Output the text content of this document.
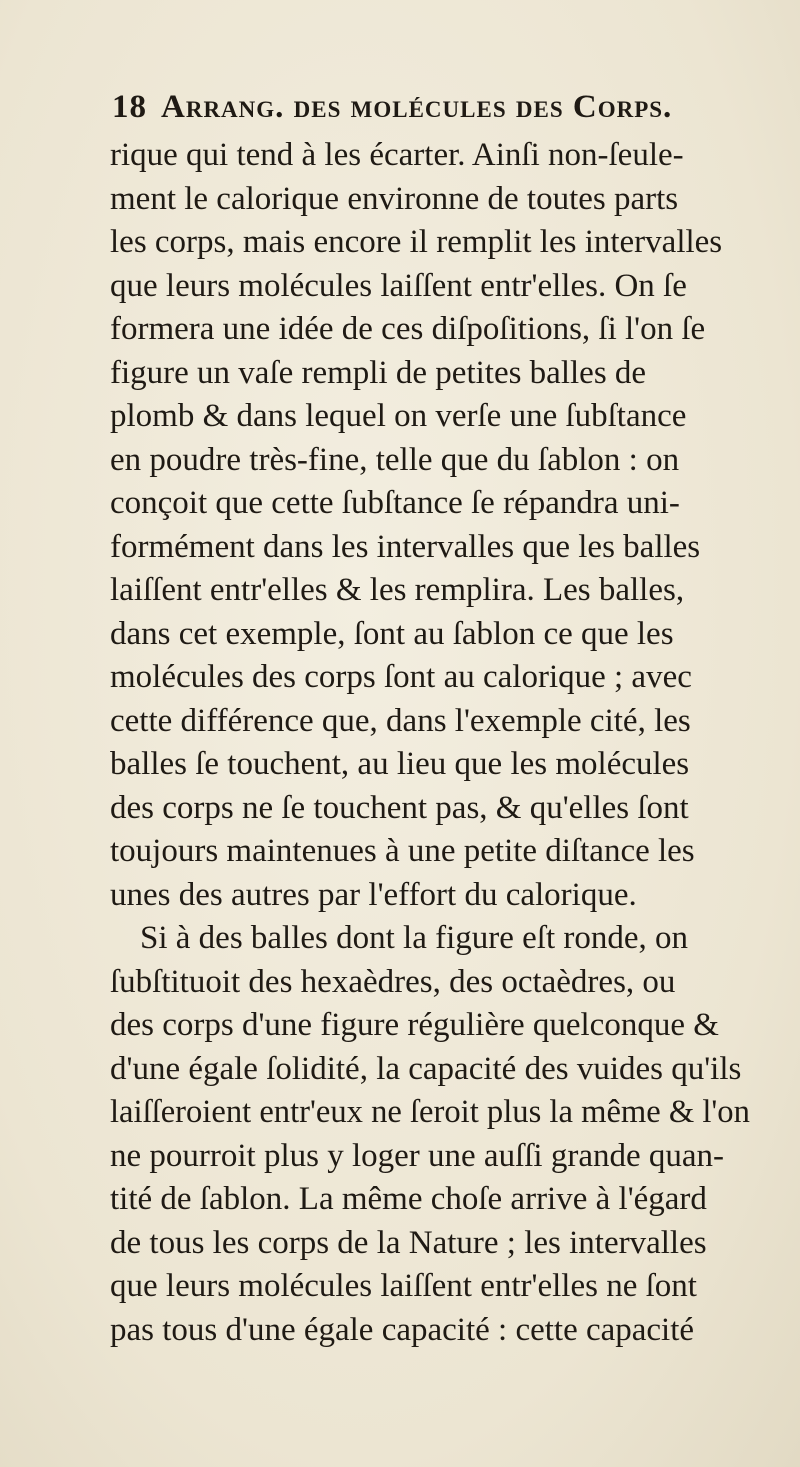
18 Arrang. des molécules des Corps.
rique qui tend à les écarter. Ainſi non-ſeule-
ment le calorique environne de toutes parts
les corps, mais encore il remplit les intervalles
que leurs molécules laiſſent entr'elles. On ſe
formera une idée de ces diſpoſitions, ſi l'on ſe
figure un vaſe rempli de petites balles de
plomb & dans lequel on verſe une ſubſtance
en poudre très-fine, telle que du ſablon : on
conçoit que cette ſubſtance ſe répandra uni-
formément dans les intervalles que les balles
laiſſent entr'elles & les remplira. Les balles,
dans cet exemple, ſont au ſablon ce que les
molécules des corps ſont au calorique ; avec
cette différence que, dans l'exemple cité, les
balles ſe touchent, au lieu que les molécules
des corps ne ſe touchent pas, & qu'elles ſont
toujours maintenues à une petite diſtance les
unes des autres par l'effort du calorique.
Si à des balles dont la figure eſt ronde, on
ſubſtituoit des hexaèdres, des octaèdres, ou
des corps d'une figure régulière quelconque &
d'une égale ſolidité, la capacité des vuides qu'ils
laiſſeroient entr'eux ne ſeroit plus la même & l'on
ne pourroit plus y loger une auſſi grande quan-
tité de ſablon. La même choſe arrive à l'égard
de tous les corps de la Nature ; les intervalles
que leurs molécules laiſſent entr'elles ne ſont
pas tous d'une égale capacité : cette capacité
